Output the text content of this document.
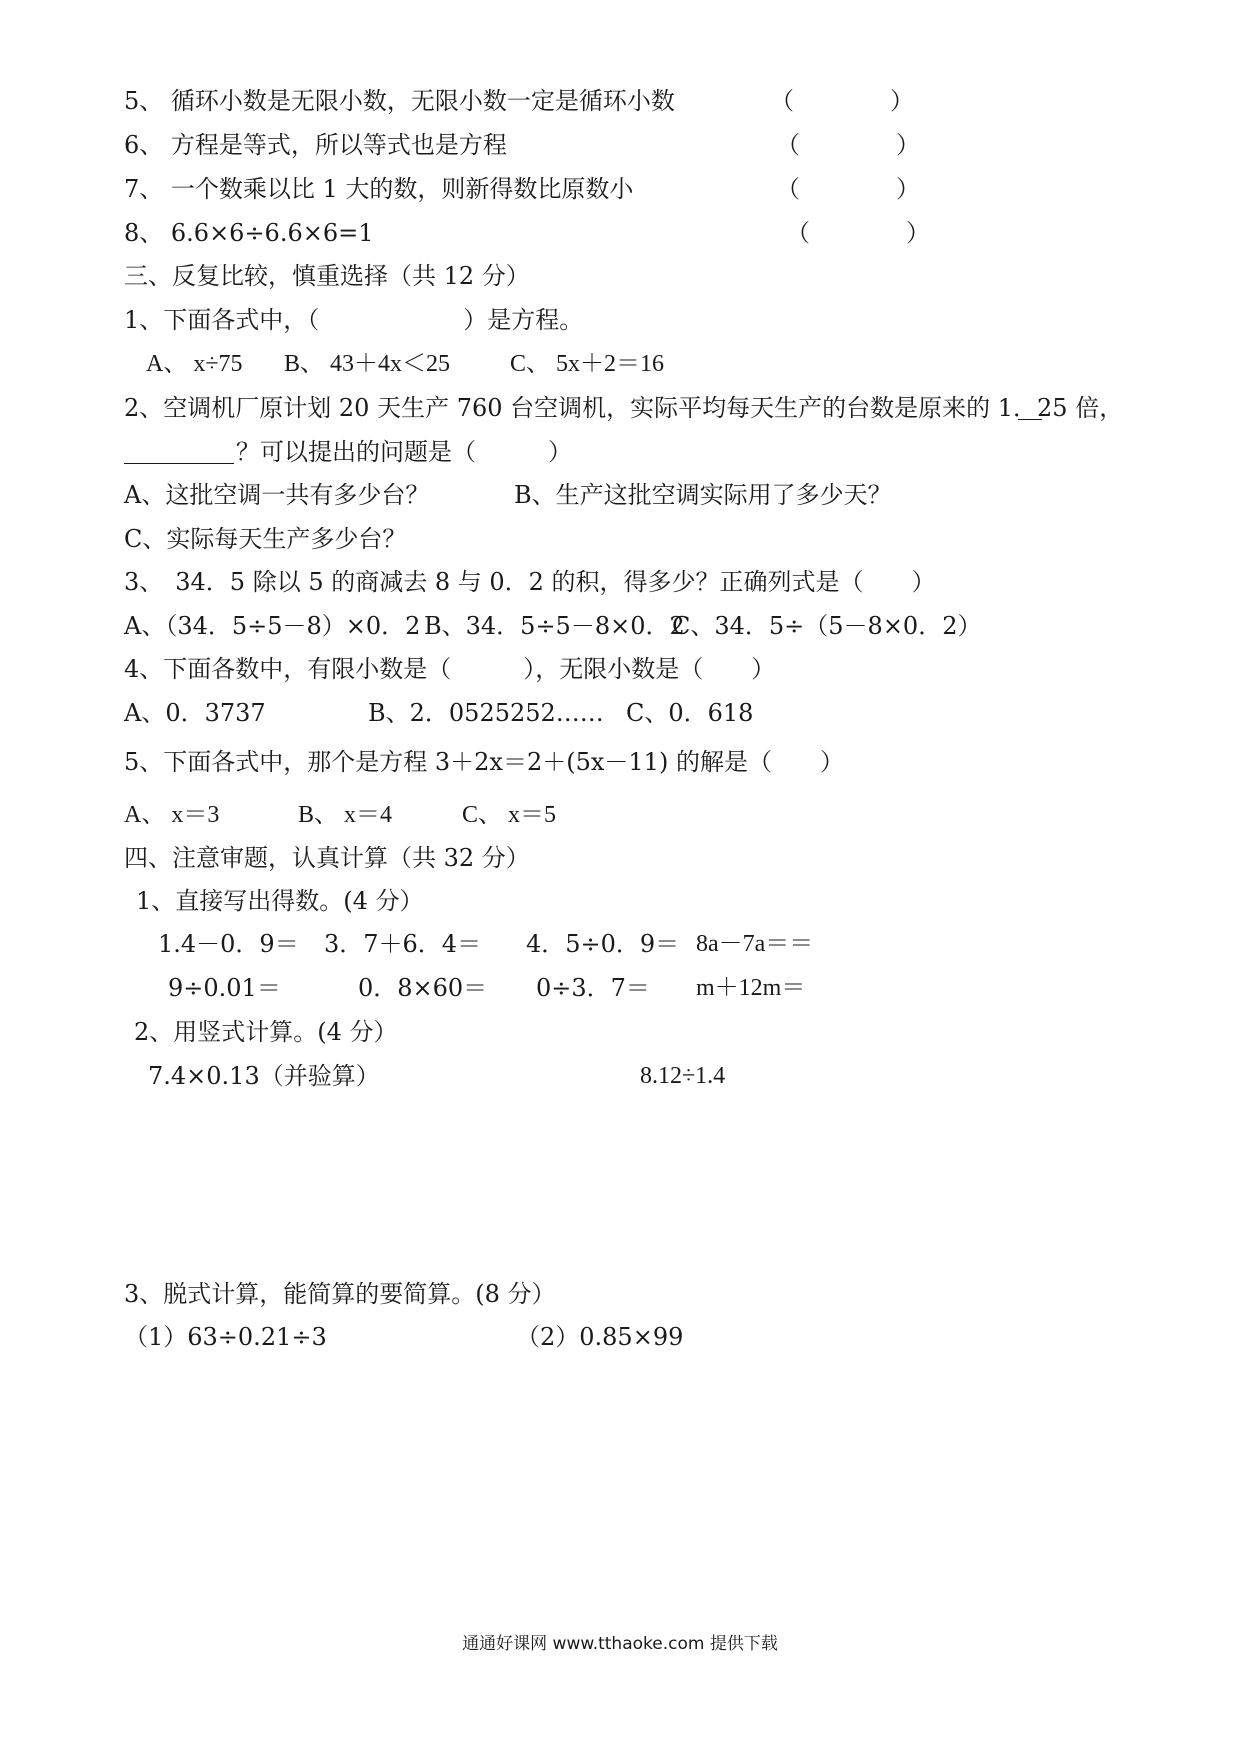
5、 循环小数是无限小数，无限小数一定是循环小数	（　　　　）
6、 方程是等式，所以等式也是方程	（　　　　）
7、 一个数乘以比 1 大的数，则新得数比原数小	（　　　　）
8、 6.6×6÷6.6×6=1	（　　　　）
三、反复比较，慎重选择（共 12 分）
1、下面各式中，（　　　　　　）是方程。
A、 x÷75 B、 43＋4x＜25 C、 5x＋2＝16
2、空调机厂原计划 20 天生产 760 台空调机，实际平均每天生产的台数是原来的 1．25 倍，
？可以提出的问题是（　　　）
A、这批空调一共有多少台？	B、生产这批空调实际用了多少天？
C、实际每天生产多少台？
3、　34．5 除以 5 的商减去 8 与 0．2 的积，得多少？正确列式是（　　）
A、（34．5÷5－8）×0．2 B、34．5÷5－8×0．2
C、34．5÷（5－8×0．2）
4、下面各数中，有限小数是（　　　），无限小数是（　　）
A、0．3737	B、2．0525252…… C、0．618
5、下面各式中，那个是方程 3＋2x＝2＋(5x－11) 的解是（　　）
A、 x＝3	B、 x＝4	C、 x＝5
四、注意审题，认真计算（共 32 分）
1、直接写出得数。(4 分）
1.4－0．9＝ 3．7＋6．4＝ 4．5÷0．9＝ 8a－7a＝＝
9÷0.01＝	0．8×60＝ 0÷3．7＝ m＋12m＝
2、用竖式计算。(4 分）
7.4×0.13（并验算）	8.12÷1.4
3、脱式计算，能简算的要简算。(8 分）
（1）63÷0.21÷3	（2）0.85×99
通通好课网 www.tthaoke.com 提供下载
